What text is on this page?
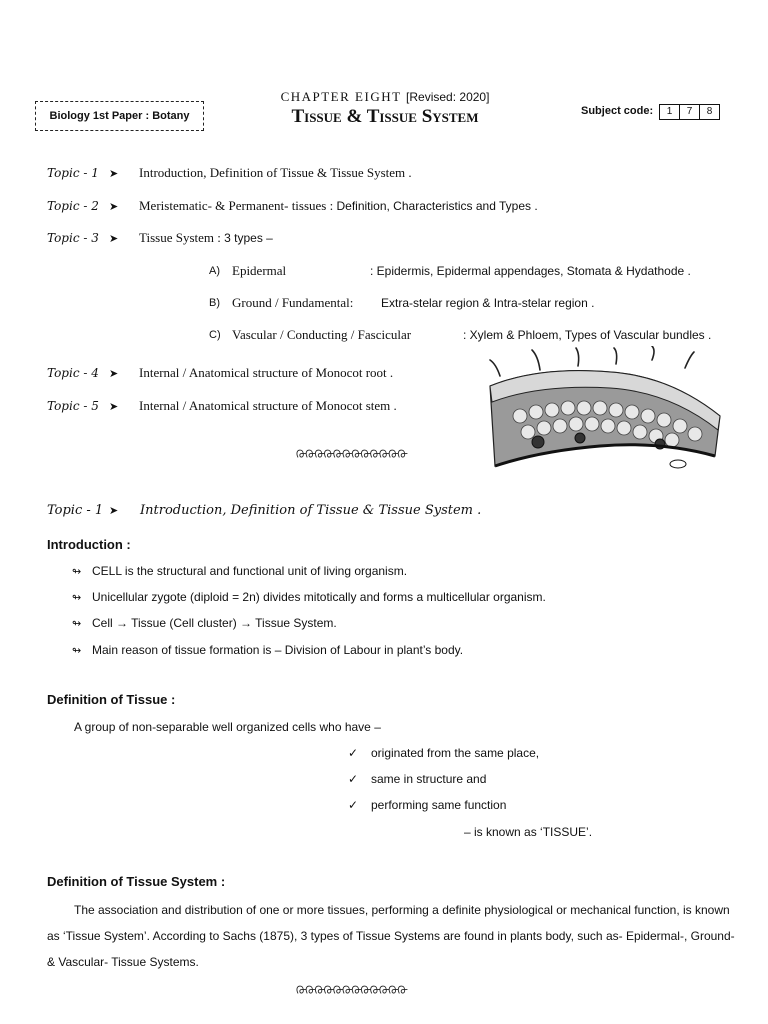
Biology 1st Paper : Botany
CHAPTER EIGHT [Revised: 2020]
Tissue & Tissue System	Subject code:	1	7	8
Topic - 1 ➤ Introduction, Definition of Tissue & Tissue System .
Topic - 2 ➤ Meristematic- & Permanent- tissues : Definition, Characteristics and Types .
Topic - 3 ➤ Tissue System : 3 types –
A) Epidermal	: Epidermis, Epidermal appendages, Stomata & Hydathode .
B) Ground / Fundamental: Extra-stelar region & Intra-stelar region .
C) Vascular / Conducting / Fascicular	: Xylem & Phloem, Types of Vascular bundles .
Topic - 4 ➤ Internal / Anatomical structure of Monocot root .
Topic - 5 ➤ Internal / Anatomical structure of Monocot stem .
ᢙᢙᢙᢙᢙᢙᢙᢙᢙᢙᢙᢙ
Topic - 1 ➤ Introduction, Definition of Tissue & Tissue System .
Introduction :
↬ CELL is the structural and functional unit of living organism.
↬ Unicellular zygote (diploid = 2n) divides mitotically and forms a multicellular organism.
↬ Cell → Tissue (Cell cluster) → Tissue System.
↬ Main reason of tissue formation is – Division of Labour in plant’s body.
Definition of Tissue :
A group of non-separable well organized cells who have –
✓	originated from the same place,
✓	same in structure and
✓	performing same function
– is known as ‘TISSUE’.
Definition of Tissue System :
The association and distribution of one or more tissues, performing a definite physiological or mechanical function, is known
as ‘Tissue System’. According to Sachs (1875), 3 types of Tissue Systems are found in plants body, such as- Epidermal-, Ground-
& Vascular- Tissue Systems.
ᢙᢙᢙᢙᢙᢙᢙᢙᢙᢙᢙᢙ
